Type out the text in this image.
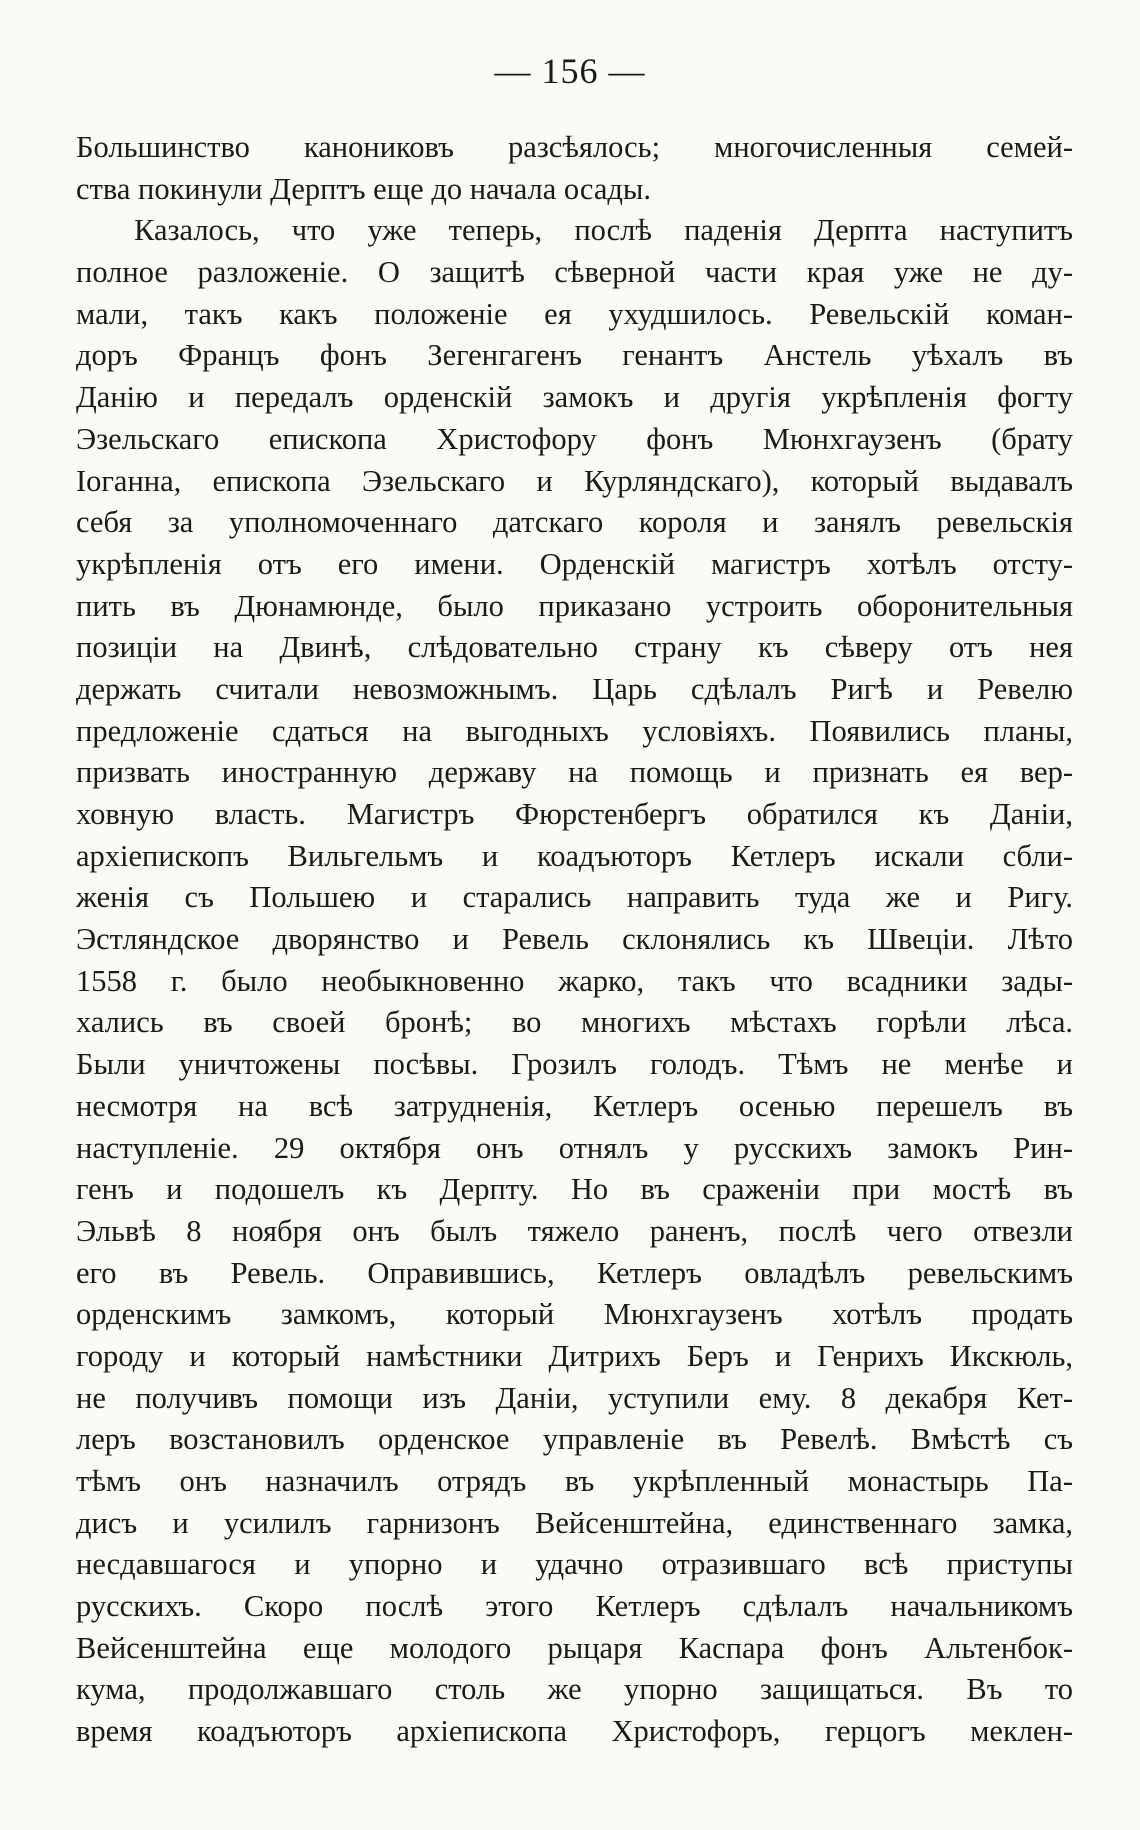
— 156 —
Большинство канониковъ разсѣялось; многочисленныя семей-
ства покинули Дерптъ еще до начала осады.
Казалось, что уже теперь, послѣ паденія Дерпта наступитъ
полное разложеніе. О защитѣ сѣверной части края уже не ду-
мали, такъ какъ положеніе ея ухудшилось. Ревельскій коман-
доръ Францъ фонъ Зегенгагенъ генантъ Анстель уѣхалъ въ
Данію и передалъ орденскій замокъ и другія укрѣпленія фогту
Эзельскаго епископа Христофору фонъ Мюнхгаузенъ (брату
Іоганна, епископа Эзельскаго и Курляндскаго), который выдавалъ
себя за уполномоченнаго датскаго короля и занялъ ревельскія
укрѣпленія отъ его имени. Орденскій магистръ хотѣлъ отсту-
пить въ Дюнамюнде, было приказано устроить оборонительныя
позиціи на Двинѣ, слѣдовательно страну къ сѣверу отъ нея
держать считали невозможнымъ. Царь сдѣлалъ Ригѣ и Ревелю
предложеніе сдаться на выгодныхъ условіяхъ. Появились планы,
призвать иностранную державу на помощь и признать ея вер-
ховную власть. Магистръ Фюрстенбергъ обратился къ Даніи,
архіепископъ Вильгельмъ и коадъюторъ Кетлеръ искали сбли-
женія съ Польшею и старались направить туда же и Ригу.
Эстляндское дворянство и Ревель склонялись къ Швеціи. Лѣто
1558 г. было необыкновенно жарко, такъ что всадники зады-
хались въ своей бронѣ; во многихъ мѣстахъ горѣли лѣса.
Были уничтожены посѣвы. Грозилъ голодъ. Тѣмъ не менѣе и
несмотря на всѣ затрудненія, Кетлеръ осенью перешелъ въ
наступленіе. 29 октября онъ отнялъ у русскихъ замокъ Рин-
генъ и подошелъ къ Дерпту. Но въ сраженіи при мостѣ въ
Эльвѣ 8 ноября онъ былъ тяжело раненъ, послѣ чего отвезли
его въ Ревель. Оправившись, Кетлеръ овладѣлъ ревельскимъ
орденскимъ замкомъ, который Мюнхгаузенъ хотѣлъ продать
городу и который намѣстники Дитрихъ Беръ и Генрихъ Икскюль,
не получивъ помощи изъ Даніи, уступили ему. 8 декабря Кет-
леръ возстановилъ орденское управленіе въ Ревелѣ. Вмѣстѣ съ
тѣмъ онъ назначилъ отрядъ въ укрѣпленный монастырь Па-
дисъ и усилилъ гарнизонъ Вейсенштейна, единственнаго замка,
несдавшагося и упорно и удачно отразившаго всѣ приступы
русскихъ. Скоро послѣ этого Кетлеръ сдѣлалъ начальникомъ
Вейсенштейна еще молодого рыцаря Каспара фонъ Альтенбок-
кума, продолжавшаго столь же упорно защищаться. Въ то
время коадъюторъ архіепископа Христофоръ, герцогъ меклен-
